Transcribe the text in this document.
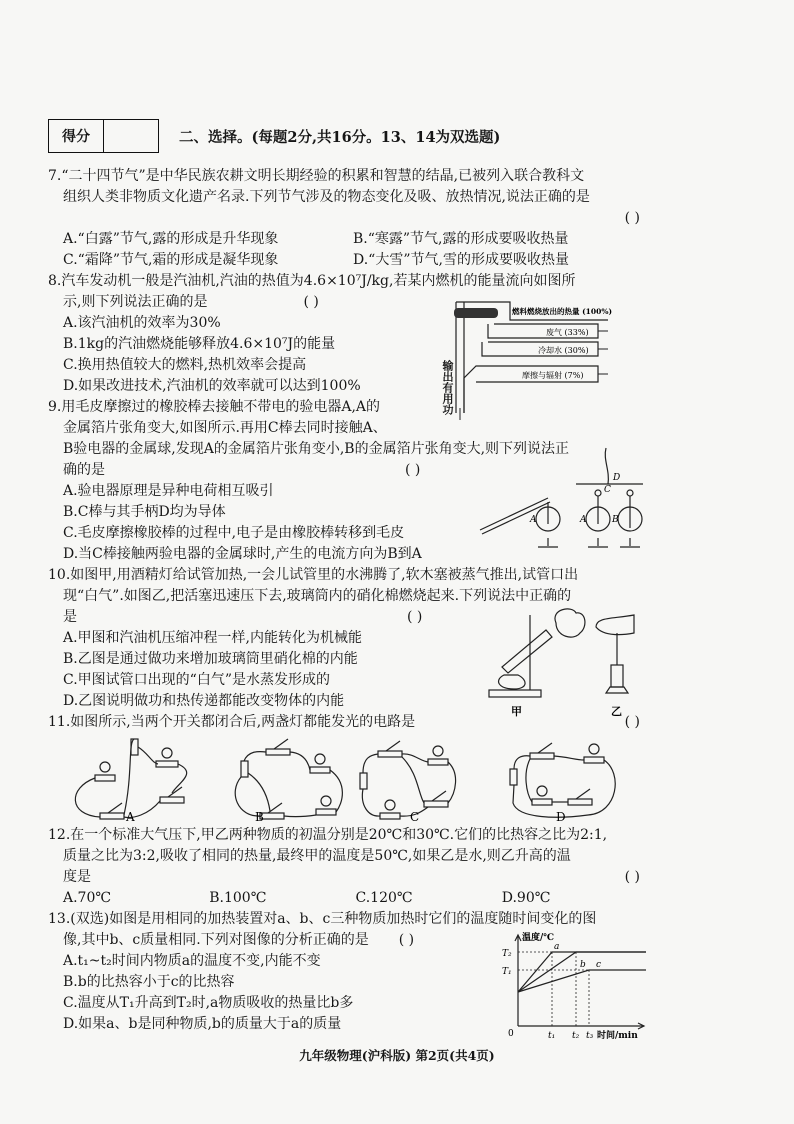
得分	二、选择。(每题2分,共16分。13、14为双选题)
7.“二十四节气”是中华民族农耕文明长期经验的积累和智慧的结晶,已被列入联合教科文
组织人类非物质文化遗产名录.下列节气涉及的物态变化及吸、放热情况,说法正确的是
( )
A.“白露”节气,露的形成是升华现象	B.“寒露”节气,露的形成要吸收热量
C.“霜降”节气,霜的形成是凝华现象	D.“大雪”节气,雪的形成要吸收热量
8.汽车发动机一般是汽油机,汽油的热值为4.6×10⁷J/kg,若某内燃机的能量流向如图所
示,则下列说法正确的是	( )
A.该汽油机的效率为30%
B.1kg的汽油燃烧能够释放4.6×10⁷J的能量
C.换用热值较大的燃料,热机效率会提高
D.如果改进技术,汽油机的效率就可以达到100%
9.用毛皮摩擦过的橡胶棒去接触不带电的验电器A,A的
金属箔片张角变大,如图所示.再用C棒去同时接触A、
B验电器的金属球,发现A的金属箔片张角变小,B的金属箔片张角变大,则下列说法正
确的是	( )
A.验电器原理是异种电荷相互吸引
B.C棒与其手柄D均为导体
C.毛皮摩擦橡胶棒的过程中,电子是由橡胶棒转移到毛皮
D.当C棒接触两验电器的金属球时,产生的电流方向为B到A
10.如图甲,用酒精灯给试管加热,一会儿试管里的水沸腾了,软木塞被蒸气推出,试管口出
现“白气”.如图乙,把活塞迅速压下去,玻璃筒内的硝化棉燃烧起来.下列说法中正确的
是	( )
A.甲图和汽油机压缩冲程一样,内能转化为机械能
B.乙图是通过做功来增加玻璃筒里硝化棉的内能
C.甲图试管口出现的“白气”是水蒸发形成的
D.乙图说明做功和热传递都能改变物体的内能
11.如图所示,当两个开关都闭合后,两盏灯都能发光的电路是	( )
A	B	C	D
12.在一个标准大气压下,甲乙两种物质的初温分别是20℃和30℃.它们的比热容之比为2:1,
质量之比为3:2,吸收了相同的热量,最终甲的温度是50℃,如果乙是水,则乙升高的温
度是	( )
A.70℃	B.100℃	C.120℃	D.90℃
13.(双选)如图是用相同的加热装置对a、b、c三种物质加热时它们的温度随时间变化的图
像,其中b、c质量相同.下列对图像的分析正确的是 ( )
A.t₁~t₂时间内物质a的温度不变,内能不变
B.b的比热容小于c的比热容
C.温度从T₁升高到T₂时,a物质吸收的热量比b多
D.如果a、b是同种物质,b的质量大于a的质量
燃料燃烧放出的热量 (100%)
废气 (33%)
冷却水 (30%)
摩擦与辐射 (7%)
输出有用功
A	A	B
C
D
甲	乙
温度/℃
T₂
T₁
0	t₁ t₂ t₃ 时间/min
a
b c
九年级物理(沪科版) 第2页(共4页)
